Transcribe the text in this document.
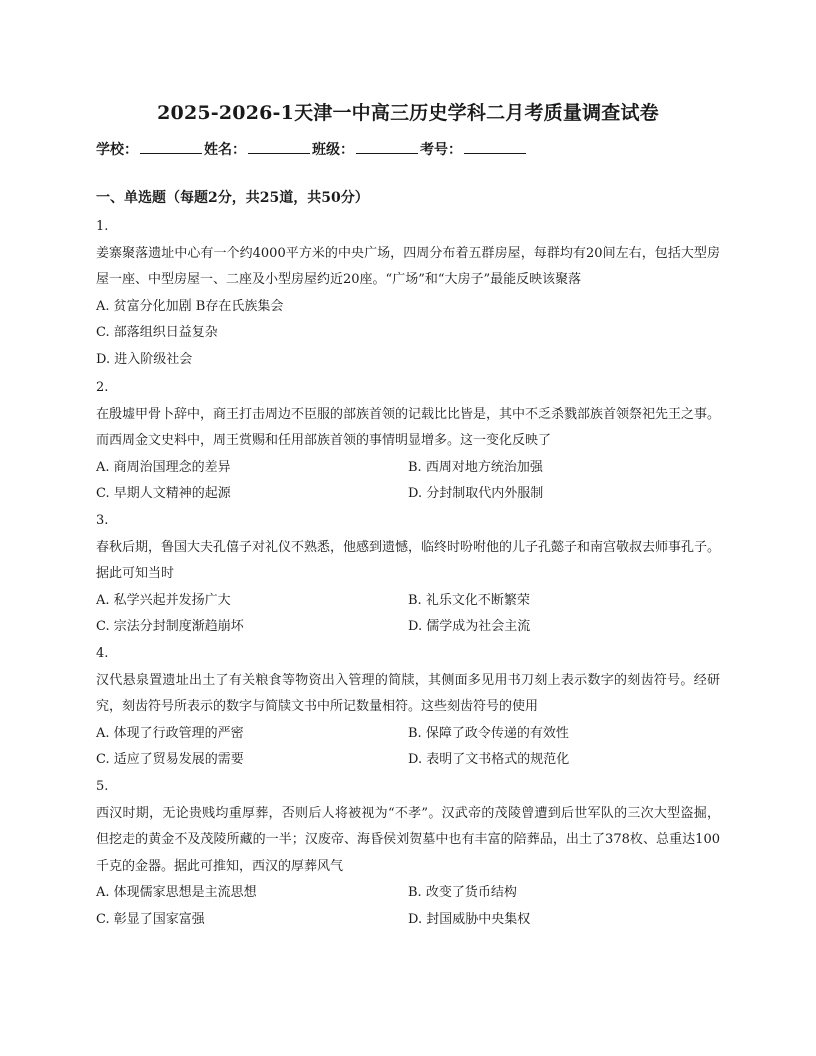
2025-2026-1天津一中高三历史学科二月考质量调查试卷
学校：	姓名：	班级：	考号：
一、单选题（每题2分，共25道，共50分）
1.
姜寨聚落遗址中心有一个约4000平方米的中央广场，四周分布着五群房屋，每群均有20间左右，包括大型房屋一座、中型房屋一、二座及小型房屋约近20座。“广场”和“大房子”最能反映该聚落
A. 贫富分化加剧 B存在氏族集会
C. 部落组织日益复杂
D. 进入阶级社会
2.
在殷墟甲骨卜辞中，商王打击周边不臣服的部族首领的记载比比皆是，其中不乏杀戮部族首领祭祀先王之事。而西周金文史料中，周王赏赐和任用部族首领的事情明显增多。这一变化反映了
A. 商周治国理念的差异	B. 西周对地方统治加强
C. 早期人文精神的起源	D. 分封制取代内外服制
3.
春秋后期，鲁国大夫孔僖子对礼仪不熟悉，他感到遗憾，临终时吩咐他的儿子孔懿子和南宫敬叔去师事孔子。据此可知当时
A. 私学兴起并发扬广大	B. 礼乐文化不断繁荣
C. 宗法分封制度渐趋崩坏	D. 儒学成为社会主流
4.
汉代悬泉置遗址出土了有关粮食等物资出入管理的简牍，其侧面多见用书刀刻上表示数字的刻齿符号。经研究，刻齿符号所表示的数字与简牍文书中所记数量相符。这些刻齿符号的使用
A. 体现了行政管理的严密	B. 保障了政令传递的有效性
C. 适应了贸易发展的需要	D. 表明了文书格式的规范化
5.
西汉时期，无论贵贱均重厚葬，否则后人将被视为“不孝”。汉武帝的茂陵曾遭到后世军队的三次大型盗掘，但挖走的黄金不及茂陵所藏的一半；汉废帝、海昏侯刘贺墓中也有丰富的陪葬品，出土了378枚、总重达100千克的金器。据此可推知，西汉的厚葬风气
A. 体现儒家思想是主流思想	B. 改变了货币结构
C. 彰显了国家富强	D. 封国威胁中央集权
